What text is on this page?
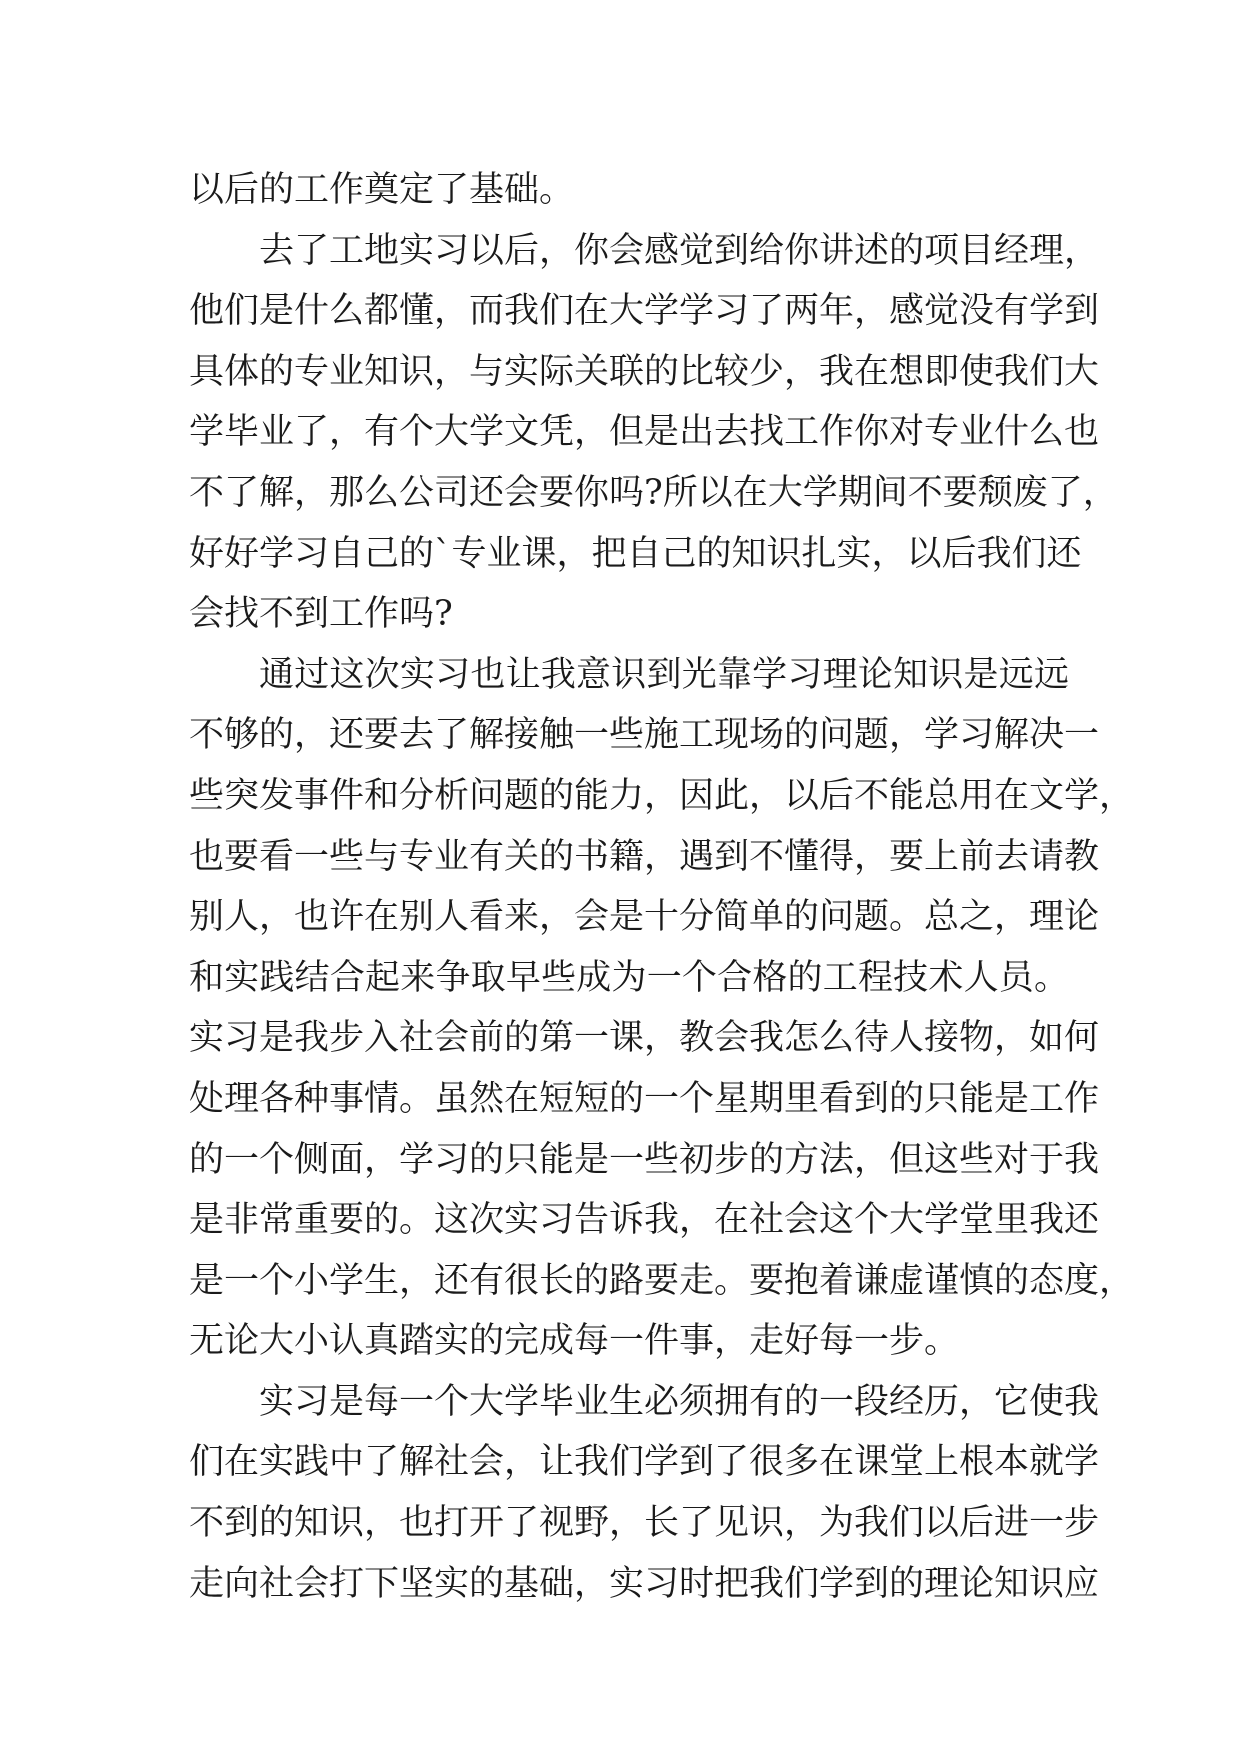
以后的工作奠定了基础。
去了工地实习以后，你会感觉到给你讲述的项目经理，
他们是什么都懂，而我们在大学学习了两年，感觉没有学到
具体的专业知识，与实际关联的比较少，我在想即使我们大
学毕业了，有个大学文凭，但是出去找工作你对专业什么也
不了解，那么公司还会要你吗?所以在大学期间不要颓废了，
好好学习自己的`专业课，把自己的知识扎实，以后我们还
会找不到工作吗?
通过这次实习也让我意识到光靠学习理论知识是远远
不够的，还要去了解接触一些施工现场的问题，学习解决一
些突发事件和分析问题的能力，因此，以后不能总用在文学，
也要看一些与专业有关的书籍，遇到不懂得，要上前去请教
别人，也许在别人看来，会是十分简单的问题。总之，理论
和实践结合起来争取早些成为一个合格的工程技术人员。
实习是我步入社会前的第一课，教会我怎么待人接物，如何
处理各种事情。虽然在短短的一个星期里看到的只能是工作
的一个侧面，学习的只能是一些初步的方法，但这些对于我
是非常重要的。这次实习告诉我，在社会这个大学堂里我还
是一个小学生，还有很长的路要走。要抱着谦虚谨慎的态度，
无论大小认真踏实的完成每一件事，走好每一步。
实习是每一个大学毕业生必须拥有的一段经历，它使我
们在实践中了解社会，让我们学到了很多在课堂上根本就学
不到的知识，也打开了视野，长了见识，为我们以后进一步
走向社会打下坚实的基础，实习时把我们学到的理论知识应
